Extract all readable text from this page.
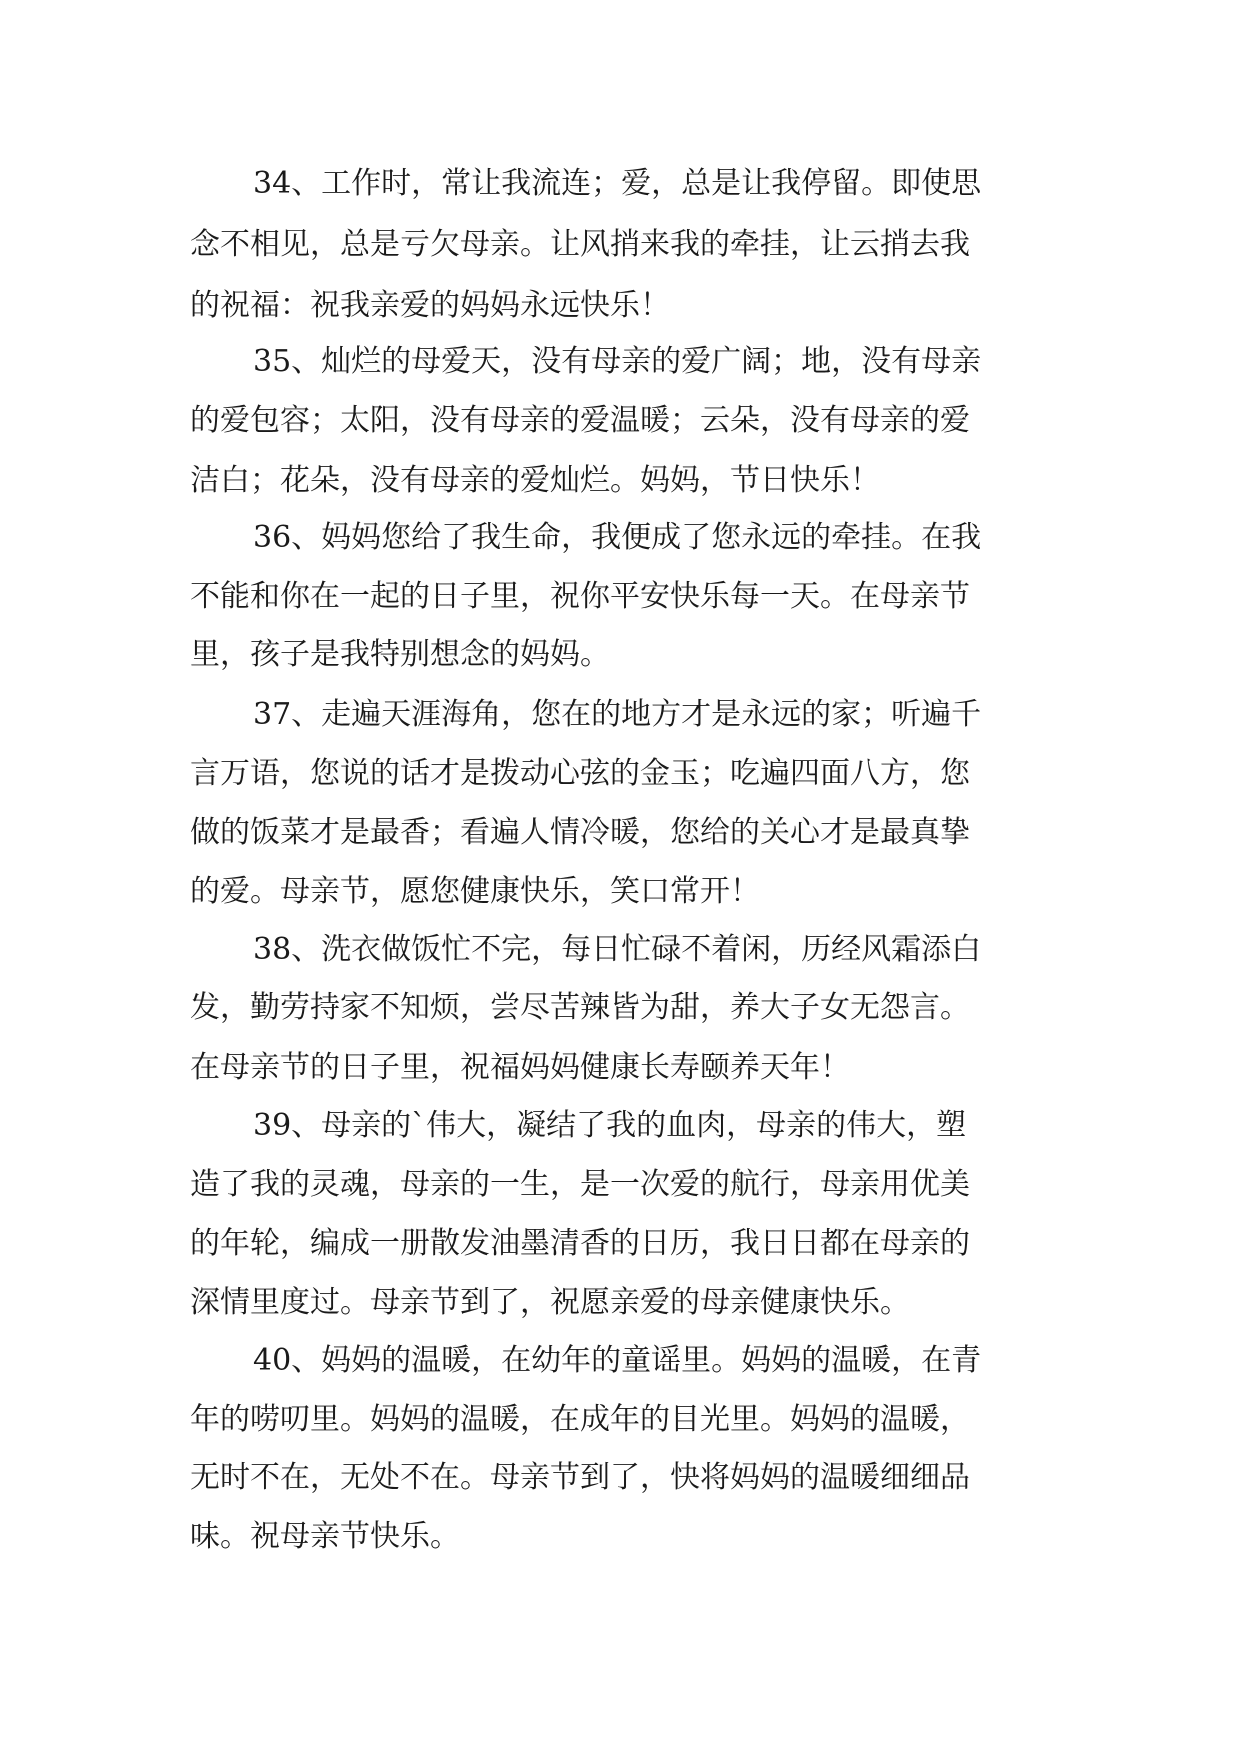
34、工作时，常让我流连；爱，总是让我停留。即使思

念不相见，总是亏欠母亲。让风捎来我的牵挂，让云捎去我

的祝福：祝我亲爱的妈妈永远快乐！

35、灿烂的母爱天，没有母亲的爱广阔；地，没有母亲

的爱包容；太阳，没有母亲的爱温暖；云朵，没有母亲的爱

洁白；花朵，没有母亲的爱灿烂。妈妈，节日快乐！

36、妈妈您给了我生命，我便成了您永远的牵挂。在我

不能和你在一起的日子里，祝你平安快乐每一天。在母亲节

里，孩子是我特别想念的妈妈。

37、走遍天涯海角，您在的地方才是永远的家；听遍千

言万语，您说的话才是拨动心弦的金玉；吃遍四面八方，您

做的饭菜才是最香；看遍人情冷暖，您给的关心才是最真挚

的爱。母亲节，愿您健康快乐，笑口常开！

38、洗衣做饭忙不完，每日忙碌不着闲，历经风霜添白

发，勤劳持家不知烦，尝尽苦辣皆为甜，养大子女无怨言。

在母亲节的日子里，祝福妈妈健康长寿颐养天年！

39、母亲的`伟大，凝结了我的血肉，母亲的伟大，塑

造了我的灵魂，母亲的一生，是一次爱的航行，母亲用优美

的年轮，编成一册散发油墨清香的日历，我日日都在母亲的

深情里度过。母亲节到了，祝愿亲爱的母亲健康快乐。

40、妈妈的温暖，在幼年的童谣里。妈妈的温暖，在青

年的唠叨里。妈妈的温暖，在成年的目光里。妈妈的温暖，

无时不在，无处不在。母亲节到了，快将妈妈的温暖细细品

味。祝母亲节快乐。
